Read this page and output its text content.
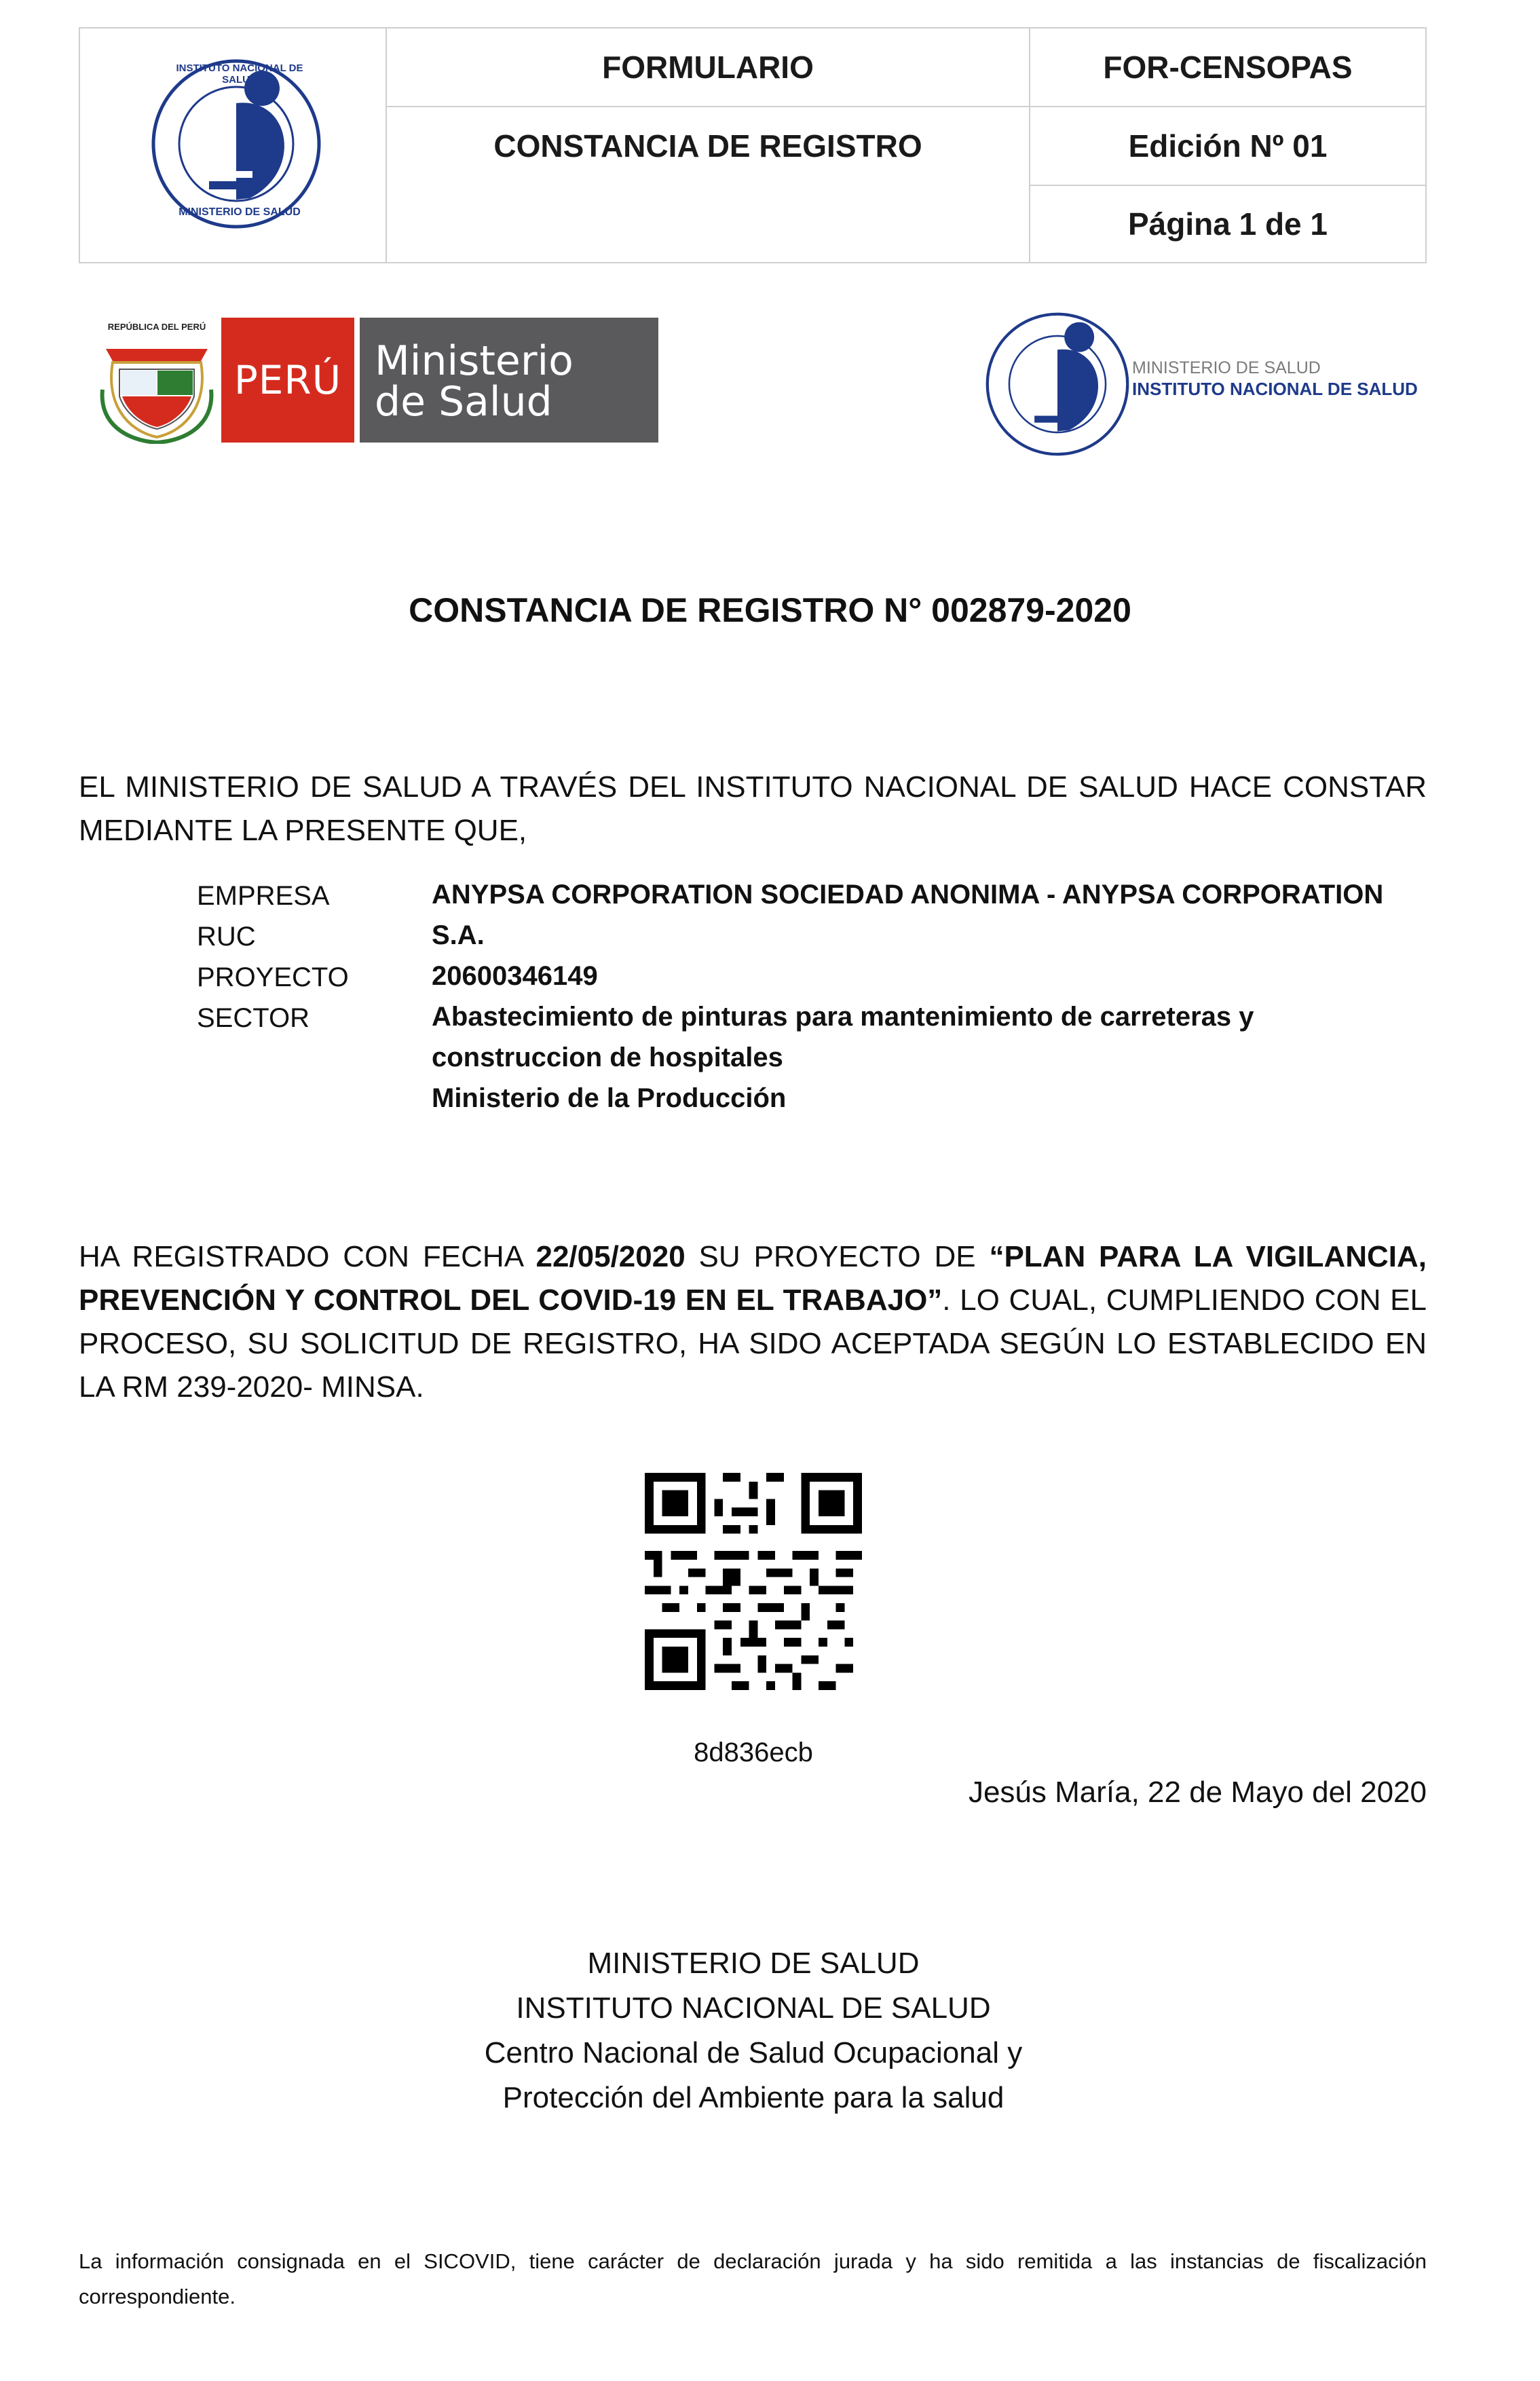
INSTITUTO NACIONAL DE SALUD
MINISTERIO DE SALUD
FORMULARIO	FOR-CENSOPAS
CONSTANCIA DE REGISTRO	Edición Nº 01
Página 1 de 1
REPÚBLICA DEL PERÚ
PERÚ Ministerio
de Salud
MINISTERIO DE SALUD
INSTITUTO NACIONAL DE SALUD
CONSTANCIA DE REGISTRO N° 002879-2020
EL MINISTERIO DE SALUD A TRAVÉS DEL INSTITUTO NACIONAL DE SALUD HACE CONSTAR MEDIANTE LA PRESENTE QUE,
EMPRESA
RUC
PROYECTO
SECTOR
ANYPSA CORPORATION SOCIEDAD ANONIMA - ANYPSA CORPORATION S.A.
20600346149
Abastecimiento de pinturas para mantenimiento de carreteras y construccion de hospitales
Ministerio de la Producción
HA REGISTRADO CON FECHA 22/05/2020 SU PROYECTO DE “PLAN PARA LA VIGILANCIA, PREVENCIÓN Y CONTROL DEL COVID-19 EN EL TRABAJO”. LO CUAL, CUMPLIENDO CON EL PROCESO, SU SOLICITUD DE REGISTRO, HA SIDO ACEPTADA SEGÚN LO ESTABLECIDO EN LA RM 239-2020- MINSA.
8d836ecb
Jesús María, 22 de Mayo del 2020
MINISTERIO DE SALUD
INSTITUTO NACIONAL DE SALUD
Centro Nacional de Salud Ocupacional y
Protección del Ambiente para la salud
La información consignada en el SICOVID, tiene carácter de declaración jurada y ha sido remitida a las instancias de fiscalización correspondiente.
